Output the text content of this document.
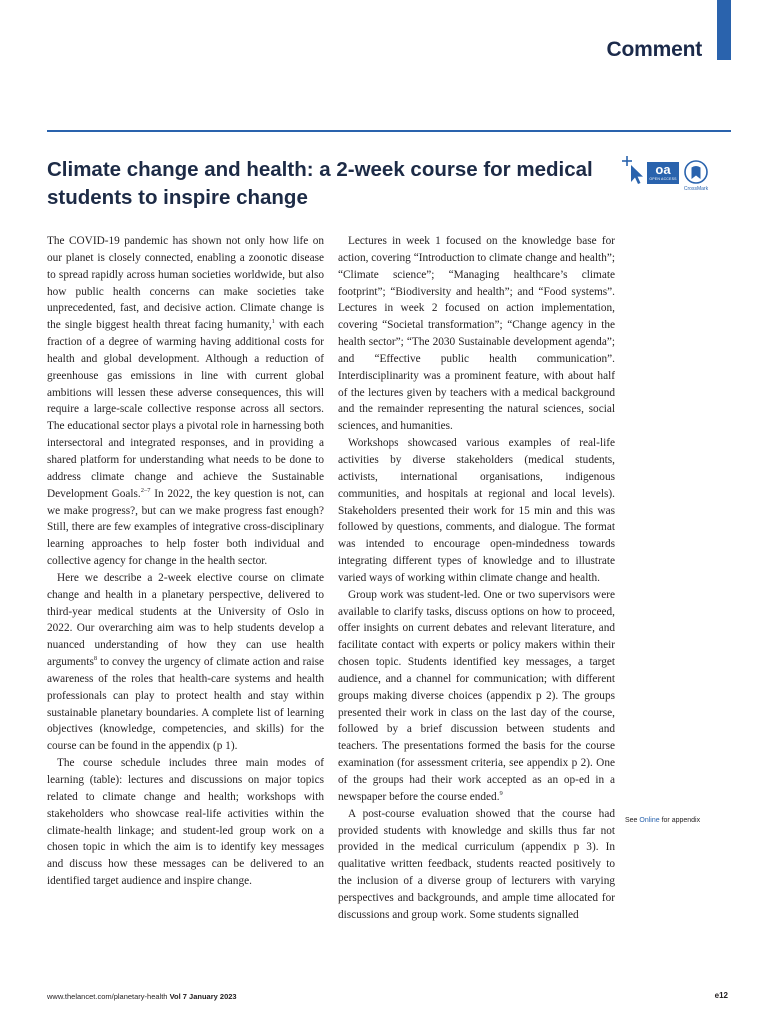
Comment
Climate change and health: a 2-week course for medical students to inspire change
oa
OPEN ACCESS
CrossMark

The COVID-19 pandemic has shown not only how life on our planet is closely connected, enabling a zoonotic disease to spread rapidly across human societies worldwide, but also how public health concerns can make societies take unprecedented, fast, and decisive action. Climate change is the single biggest health threat facing humanity,$^1$ with each fraction of a degree of warming having additional costs for health and global development. Although a reduction of greenhouse gas emissions in line with current global ambitions will lessen these adverse consequences, this will require a large-scale collective response across all sectors. The educational sector plays a pivotal role in harnessing both intersectoral and integrated responses, and in providing a shared platform for understanding what needs to be done to address climate change and achieve the Sustainable Development Goals.$^{2-7}$ In 2022, the key question is not, can we make progress?, but can we make progress fast enough? Still, there are few examples of integrative cross-disciplinary learning approaches to help foster both individual and collective agency for change in the health sector.

Here we describe a 2-week elective course on climate change and health in a planetary perspective, delivered to third-year medical students at the University of Oslo in 2022. Our overarching aim was to help students develop a nuanced understanding of how they can use health arguments$^8$ to convey the urgency of climate action and raise awareness of the roles that health-care systems and health professionals can play to protect health and stay within sustainable planetary boundaries. A complete list of learning objectives (knowledge, competencies, and skills) for the course can be found in the appendix (p 1).

The course schedule includes three main modes of learning (table): lectures and discussions on major topics related to climate change and health; workshops with stakeholders who showcase real-life activities within the climate-health linkage; and student-led group work on a chosen topic in which the aim is to identify key messages and discuss how these messages can be delivered to an identified target audience and inspire change.

Lectures in week 1 focused on the knowledge base for action, covering “Introduction to climate change and health”; “Climate science”; “Managing healthcare’s climate footprint”; “Biodiversity and health”; and “Food systems”. Lectures in week 2 focused on action implementation, covering “Societal transformation”; “Change agency in the health sector”; “The 2030 Sustainable development agenda”; and “Effective public health communication”. Interdisciplinarity was a prominent feature, with about half of the lectures given by teachers with a medical background and the remainder representing the natural sciences, social sciences, and humanities.

Workshops showcased various examples of real-life activities by diverse stakeholders (medical students, activists, international organisations, indigenous communities, and hospitals at regional and local levels). Stakeholders presented their work for 15 min and this was followed by questions, comments, and dialogue. The format was intended to encourage open-mindedness towards integrating different types of knowledge and to illustrate varied ways of working within climate change and health.

Group work was student-led. One or two supervisors were available to clarify tasks, discuss options on how to proceed, offer insights on current debates and relevant literature, and facilitate contact with experts or policy makers within their chosen topic. Students identified key messages, a target audience, and a channel for communication; with different groups making diverse choices (appendix p 2). The groups presented their work in class on the last day of the course, followed by a brief discussion between students and teachers. The presentations formed the basis for the course examination (for assessment criteria, see appendix p 2). One of the groups had their work accepted as an op-ed in a newspaper before the course ended.$^9$

A post-course evaluation showed that the course had provided students with knowledge and skills thus far not provided in the medical curriculum (appendix p 3). In qualitative written feedback, students reacted positively to the inclusion of a diverse group of lecturers with varying perspectives and backgrounds, and ample time allocated for discussions and group work. Some students signalled

See Online for appendix
www.thelancet.com/planetary-health Vol 7 January 2023	e12
